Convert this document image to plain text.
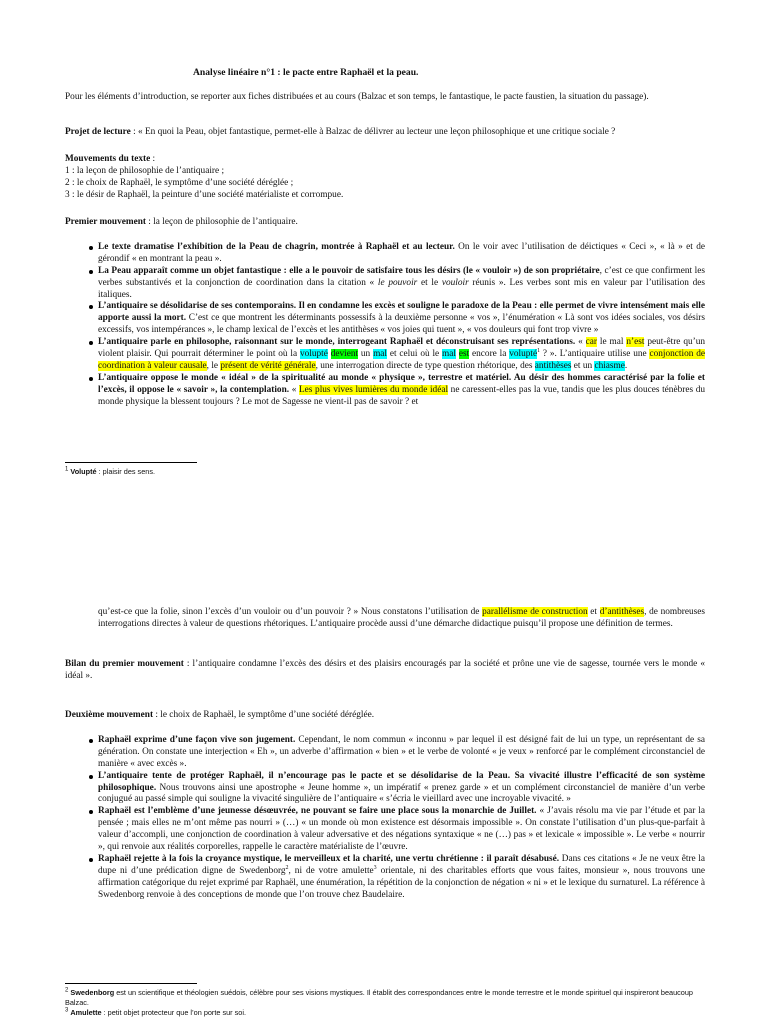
Analyse linéaire n°1 : le pacte entre Raphaël et la peau.

Pour les éléments d’introduction, se reporter aux fiches distribuées et au cours (Balzac et son temps, le fantastique, le pacte faustien, la situation du passage).

Projet de lecture : « En quoi la Peau, objet fantastique, permet-elle à Balzac de délivrer au lecteur une leçon philosophique et une critique sociale ?

Mouvements du texte :

1 : la leçon de philosophie de l’antiquaire ;

2 : le choix de Raphaël, le symptôme d’une société déréglée ;

3 : le désir de Raphaël, la peinture d’une société matérialiste et corrompue.

Premier mouvement : la leçon de philosophie de l’antiquaire.

Le texte dramatise l’exhibition de la Peau de chagrin, montrée à Raphaël et au lecteur. On le voir avec l’utilisation de déictiques « Ceci », « là » et de gérondif « en montrant la peau ».
La Peau apparaît comme un objet fantastique : elle a le pouvoir de satisfaire tous les désirs (le « vouloir ») de son propriétaire, c’est ce que confirment les verbes substantivés et la conjonction de coordination dans la citation « le pouvoir et le vouloir réunis ». Les verbes sont mis en valeur par l’utilisation des italiques.
L’antiquaire se désolidarise de ses contemporains. Il en condamne les excès et souligne le paradoxe de la Peau : elle permet de vivre intensément mais elle apporte aussi la mort. C’est ce que montrent les déterminants possessifs à la deuxième personne « vos », l’énumération « Là sont vos idées sociales, vos désirs excessifs, vos intempérances », le champ lexical de l’excès et les antithèses « vos joies qui tuent », « vos douleurs qui font trop vivre »
L’antiquaire parle en philosophe, raisonnant sur le monde, interrogeant Raphaël et déconstruisant ses représentations. « car le mal n’est peut-être qu’un violent plaisir. Qui pourrait déterminer le point où la volupté devient un mal et celui où le mal est encore la volupté$^1$ ? ». L’antiquaire utilise une conjonction de coordination à valeur causale, le présent de vérité générale, une interrogation directe de type question rhétorique, des antithèses et un chiasme.
L’antiquaire oppose le monde « idéal » de la spiritualité au monde « physique », terrestre et matériel. Au désir des hommes caractérisé par la folie et l’excès, il oppose le « savoir », la contemplation. « Les plus vives lumières du monde idéal ne caressent-elles pas la vue, tandis que les plus douces ténèbres du monde physique la blessent toujours ? Le mot de Sagesse ne vient-il pas de savoir ? et
$^1$ Volupté : plaisir des sens.

qu’est-ce que la folie, sinon l’excès d’un vouloir ou d’un pouvoir ? » Nous constatons l’utilisation de parallélisme de construction et d’antithèses, de nombreuses interrogations directes à valeur de questions rhétoriques. L’antiquaire procède aussi d’une démarche didactique puisqu’il propose une définition de termes.

Bilan du premier mouvement : l’antiquaire condamne l’excès des désirs et des plaisirs encouragés par la société et prône une vie de sagesse, tournée vers le monde « idéal ».

Deuxième mouvement : le choix de Raphaël, le symptôme d’une société déréglée.

Raphaël exprime d’une façon vive son jugement. Cependant, le nom commun « inconnu » par lequel il est désigné fait de lui un type, un représentant de sa génération. On constate une interjection « Eh », un adverbe d’affirmation « bien » et le verbe de volonté « je veux » renforcé par le complément circonstanciel de manière « avec excès ».
L’antiquaire tente de protéger Raphaël, il n’encourage pas le pacte et se désolidarise de la Peau. Sa vivacité illustre l’efficacité de son système philosophique. Nous trouvons ainsi une apostrophe « Jeune homme », un impératif « prenez garde » et un complément circonstanciel de manière d’un verbe conjugué au passé simple qui souligne la vivacité singulière de l’antiquaire « s’écria le vieillard avec une incroyable vivacité. »
Raphaël est l’emblème d’une jeunesse désœuvrée, ne pouvant se faire une place sous la monarchie de Juillet. « J’avais résolu ma vie par l’étude et par la pensée ; mais elles ne m’ont même pas nourri » (…) « un monde où mon existence est désormais impossible ». On constate l’utilisation d’un plus-que-parfait à valeur d’accompli, une conjonction de coordination à valeur adversative et des négations syntaxique « ne (…) pas » et lexicale « impossible ». Le verbe « nourrir », qui renvoie aux réalités corporelles, rappelle le caractère matérialiste de l’œuvre.
Raphaël rejette à la fois la croyance mystique, le merveilleux et la charité, une vertu chrétienne : il paraît désabusé. Dans ces citations « Je ne veux être la dupe ni d’une prédication digne de Swedenborg$^2$, ni de votre amulette$^3$ orientale, ni des charitables efforts que vous faites, monsieur », nous trouvons une affirmation catégorique du rejet exprimé par Raphaël, une énumération, la répétition de la conjonction de négation « ni » et le lexique du surnaturel. La référence à Swedenborg renvoie à des conceptions de monde que l’on trouve chez Baudelaire.
$^2$ Swedenborg est un scientifique et théologien suédois, célèbre pour ses visions mystiques. Il établit des correspondances entre le monde terrestre et le monde spirituel qui inspireront beaucoup Balzac.
$^3$ Amulette : petit objet protecteur que l’on porte sur soi.
